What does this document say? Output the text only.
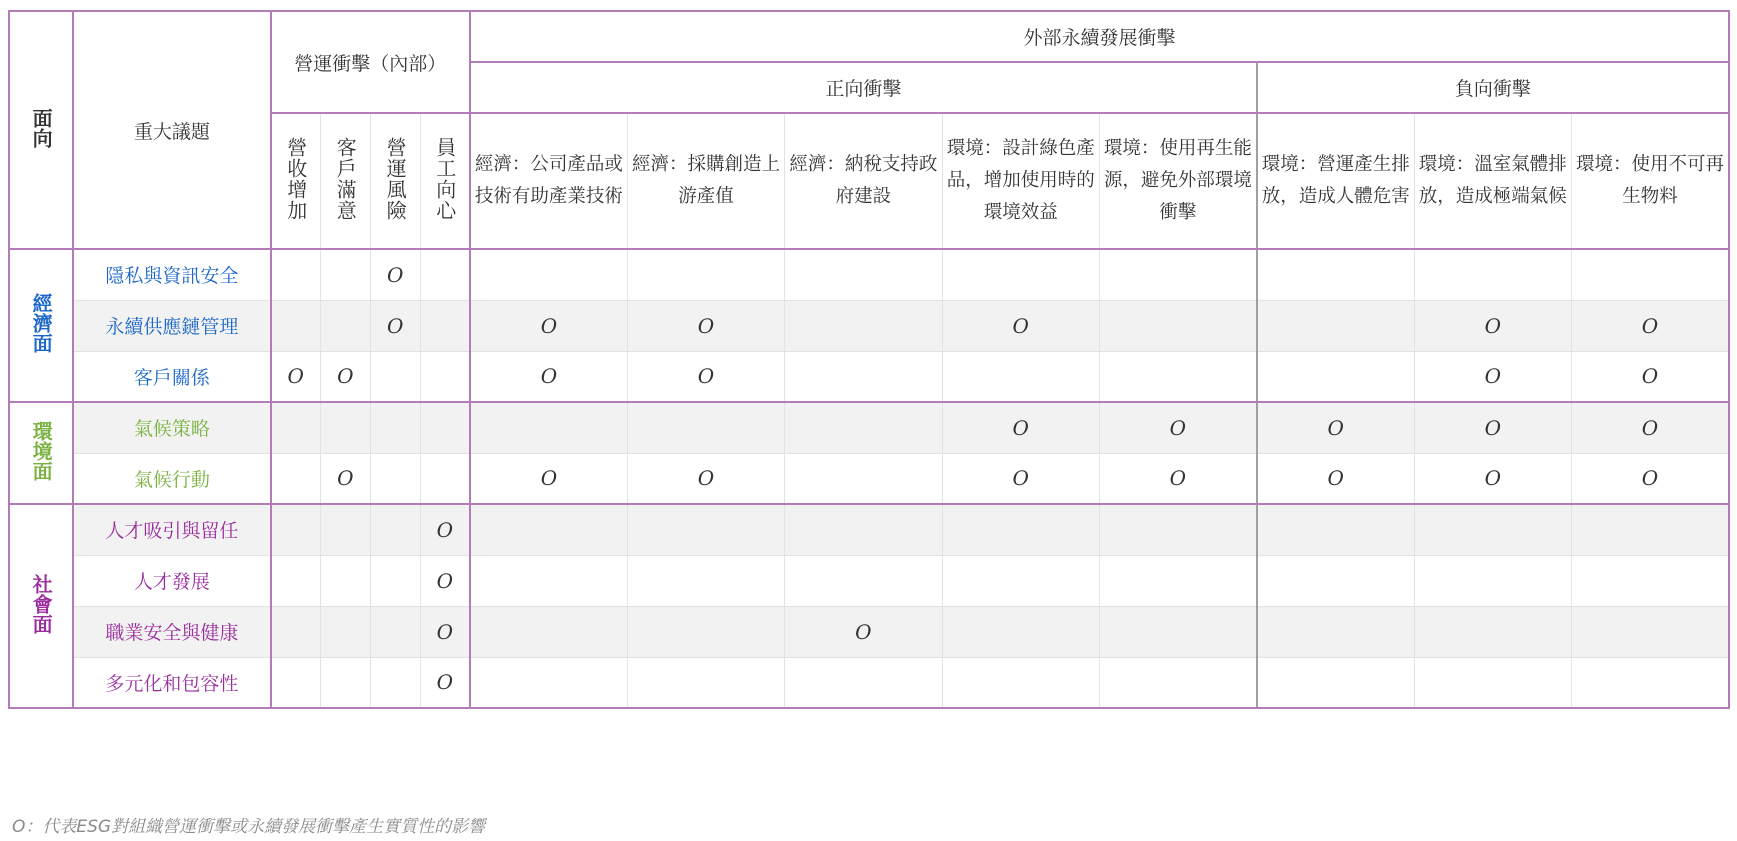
面向	重大議題	營運衝擊（內部）				外部永續發展衝擊							
						正向衝擊					負向衝擊		
		營收增加	客戶滿意	營運風險	員工向心	經濟：公司產品或技術有助產業技術	經濟：採購創造上游產值	經濟：納稅支持政府建設	環境：設計綠色產品，增加使用時的環境效益	環境：使用再生能源，避免外部環境衝擊	環境：營運產生排放，造成人體危害	環境：溫室氣體排放，造成極端氣候	環境：使用不可再生物料
經濟面	隱私與資訊安全			O									
	永續供應鏈管理			O		O	O		O			O	O
	客戶關係	O	O			O	O					O	O
環境面	氣候策略								O	O	O	O	O
	氣候行動		O			O	O		O	O	O	O	O
社會面	人才吸引與留任				O								
	人才發展				O								
	職業安全與健康				O			O					
	多元化和包容性				O								
O：代表ESG對組織營運衝擊或永續發展衝擊產生實質性的影響
